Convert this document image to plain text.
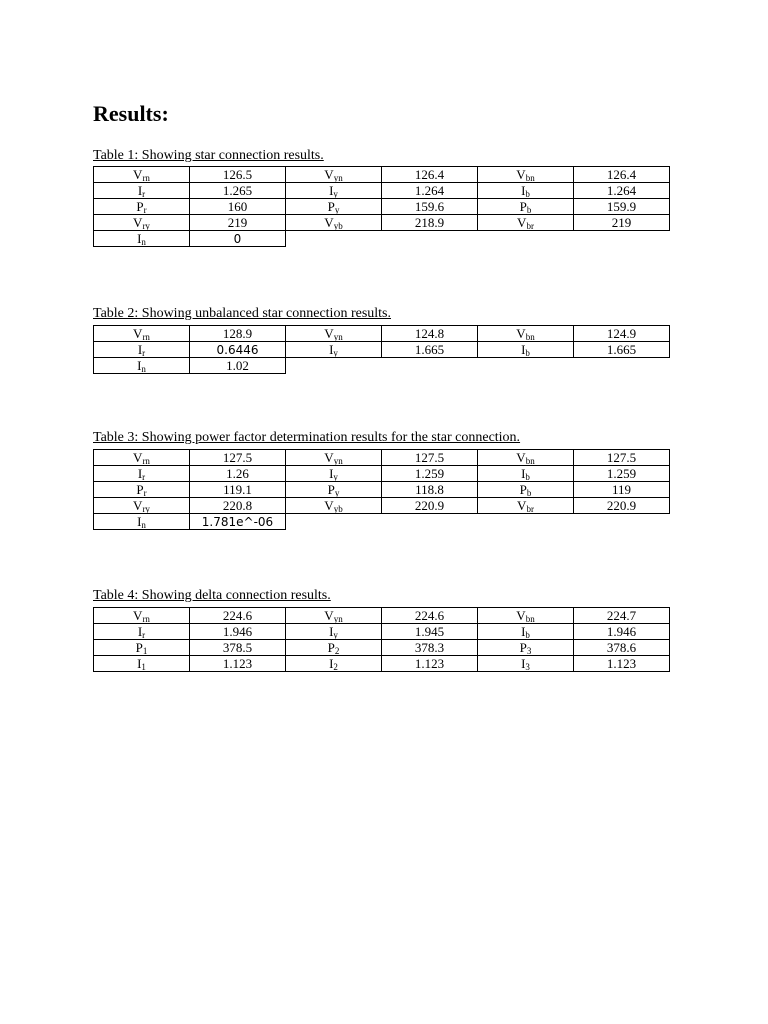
Results:

Table 1: Showing star connection results.

$V_{rn}$	126.5	$V_{yn}$	126.4	$V_{bn}$	126.4
$I_r$	1.265	$I_y$	1.264	$I_b$	1.264
$P_r$	160	$P_y$	159.6	$P_b$	159.9
$V_{ry}$	219	$V_{yb}$	218.9	$V_{br}$	219
$I_n$	0				

Table 2: Showing unbalanced star connection results.

$V_{rn}$	128.9	$V_{yn}$	124.8	$V_{bn}$	124.9
$I_r$	0.6446	$I_y$	1.665	$I_b$	1.665
$I_n$	1.02				

Table 3: Showing power factor determination results for the star connection.

$V_{rn}$	127.5	$V_{yn}$	127.5	$V_{bn}$	127.5
$I_r$	1.26	$I_y$	1.259	$I_b$	1.259
$P_r$	119.1	$P_y$	118.8	$P_b$	119
$V_{ry}$	220.8	$V_{yb}$	220.9	$V_{br}$	220.9
$I_n$	1.781e^-06				

Table 4: Showing delta connection results.

$V_{rn}$	224.6	$V_{yn}$	224.6	$V_{bn}$	224.7
$I_r$	1.946	$I_y$	1.945	$I_b$	1.946
$P_1$	378.5	$P_2$	378.3	$P_3$	378.6
$I_1$	1.123	$I_2$	1.123	$I_3$	1.123
